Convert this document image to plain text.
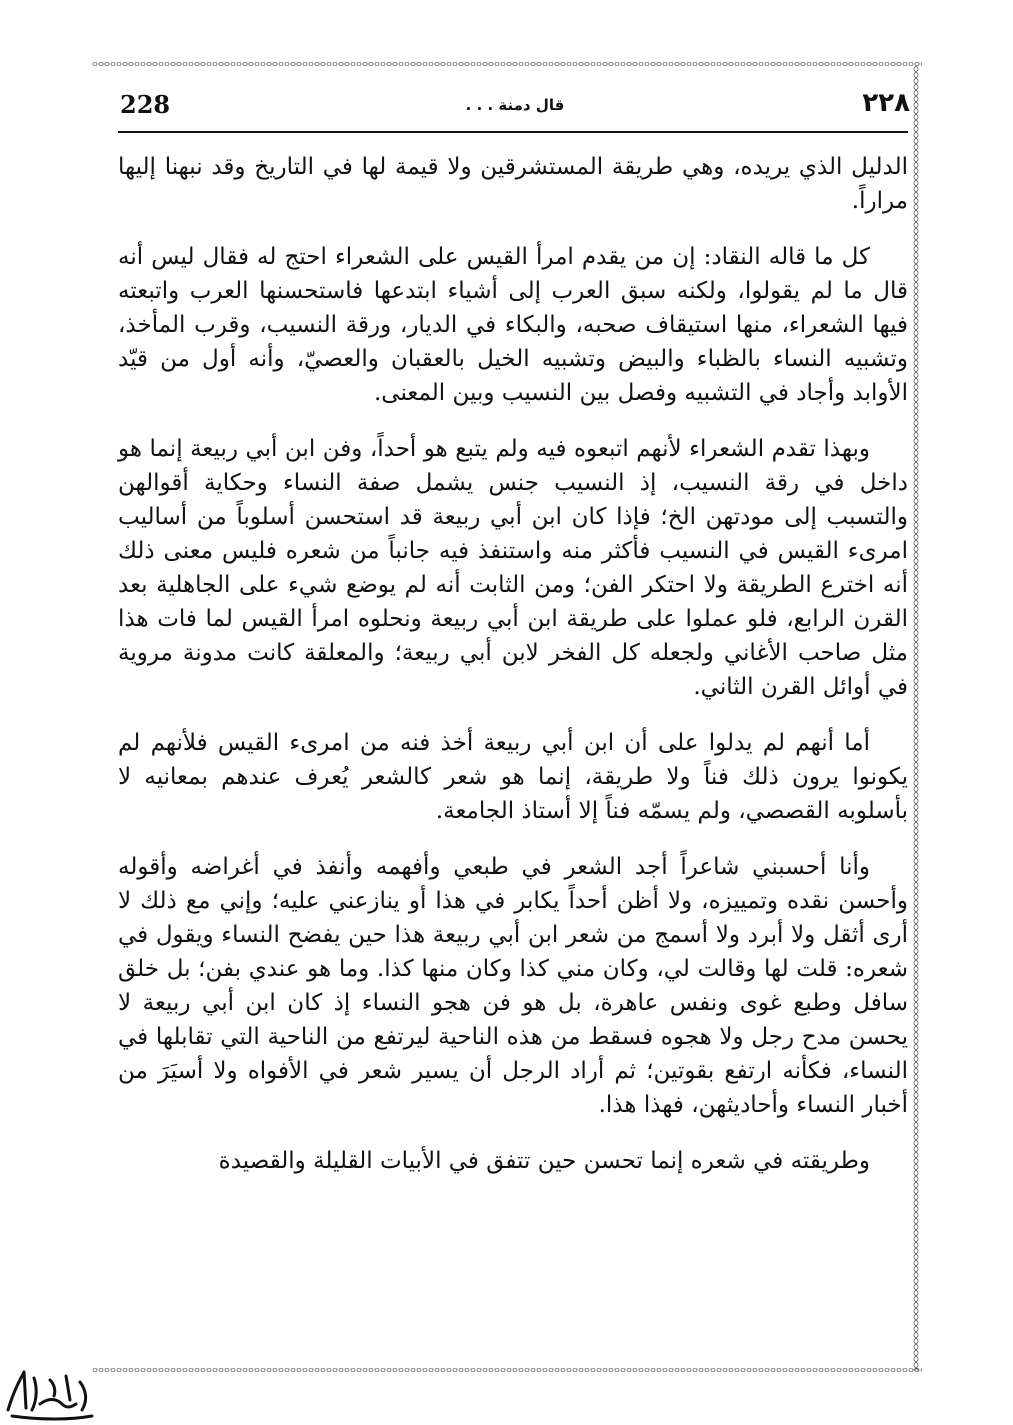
228	قال دمنة . . .	٢٢٨

الدليل الذي يريده، وهي طريقة المستشرقين ولا قيمة لها في التاريخ وقد نبهنا إليها مراراً.

كل ما قاله النقاد: إن من يقدم امرأ القيس على الشعراء احتج له فقال ليس أنه قال ما لم يقولوا، ولكنه سبق العرب إلى أشياء ابتدعها فاستحسنها العرب واتبعته فيها الشعراء، منها استيقاف صحبه، والبكاء في الديار، ورقة النسيب، وقرب المأخذ، وتشبيه النساء بالظباء والبيض وتشبيه الخيل بالعقبان والعصيّ، وأنه أول من قيّد الأوابد وأجاد في التشبيه وفصل بين النسيب وبين المعنى.

وبهذا تقدم الشعراء لأنهم اتبعوه فيه ولم يتبع هو أحداً، وفن ابن أبي ربيعة إنما هو داخل في رقة النسيب، إذ النسيب جنس يشمل صفة النساء وحكاية أقوالهن والتسبب إلى مودتهن الخ؛ فإذا كان ابن أبي ربيعة قد استحسن أسلوباً من أساليب امرىء القيس في النسيب فأكثر منه واستنفذ فيه جانباً من شعره فليس معنى ذلك أنه اخترع الطريقة ولا احتكر الفن؛ ومن الثابت أنه لم يوضع شيء على الجاهلية بعد القرن الرابع، فلو عملوا على طريقة ابن أبي ربيعة ونحلوه امرأ القيس لما فات هذا مثل صاحب الأغاني ولجعله كل الفخر لابن أبي ربيعة؛ والمعلقة كانت مدونة مروية في أوائل القرن الثاني.

أما أنهم لم يدلوا على أن ابن أبي ربيعة أخذ فنه من امرىء القيس فلأنهم لم يكونوا يرون ذلك فناً ولا طريقة، إنما هو شعر كالشعر يُعرف عندهم بمعانيه لا بأسلوبه القصصي، ولم يسمّه فناً إلا أستاذ الجامعة.

وأنا أحسبني شاعراً أجد الشعر في طبعي وأفهمه وأنفذ في أغراضه وأقوله وأحسن نقده وتمييزه، ولا أظن أحداً يكابر في هذا أو ينازعني عليه؛ وإني مع ذلك لا أرى أثقل ولا أبرد ولا أسمج من شعر ابن أبي ربيعة هذا حين يفضح النساء ويقول في شعره: قلت لها وقالت لي، وكان مني كذا وكان منها كذا. وما هو عندي بفن؛ بل خلق سافل وطبع غوى ونفس عاهرة، بل هو فن هجو النساء إذ كان ابن أبي ربيعة لا يحسن مدح رجل ولا هجوه فسقط من هذه الناحية ليرتفع من الناحية التي تقابلها في النساء، فكأنه ارتفع بقوتين؛ ثم أراد الرجل أن يسير شعر في الأفواه ولا أسيَرَ من أخبار النساء وأحاديثهن، فهذا هذا.

وطريقته في شعره إنما تحسن حين تتفق في الأبيات القليلة والقصيدة
